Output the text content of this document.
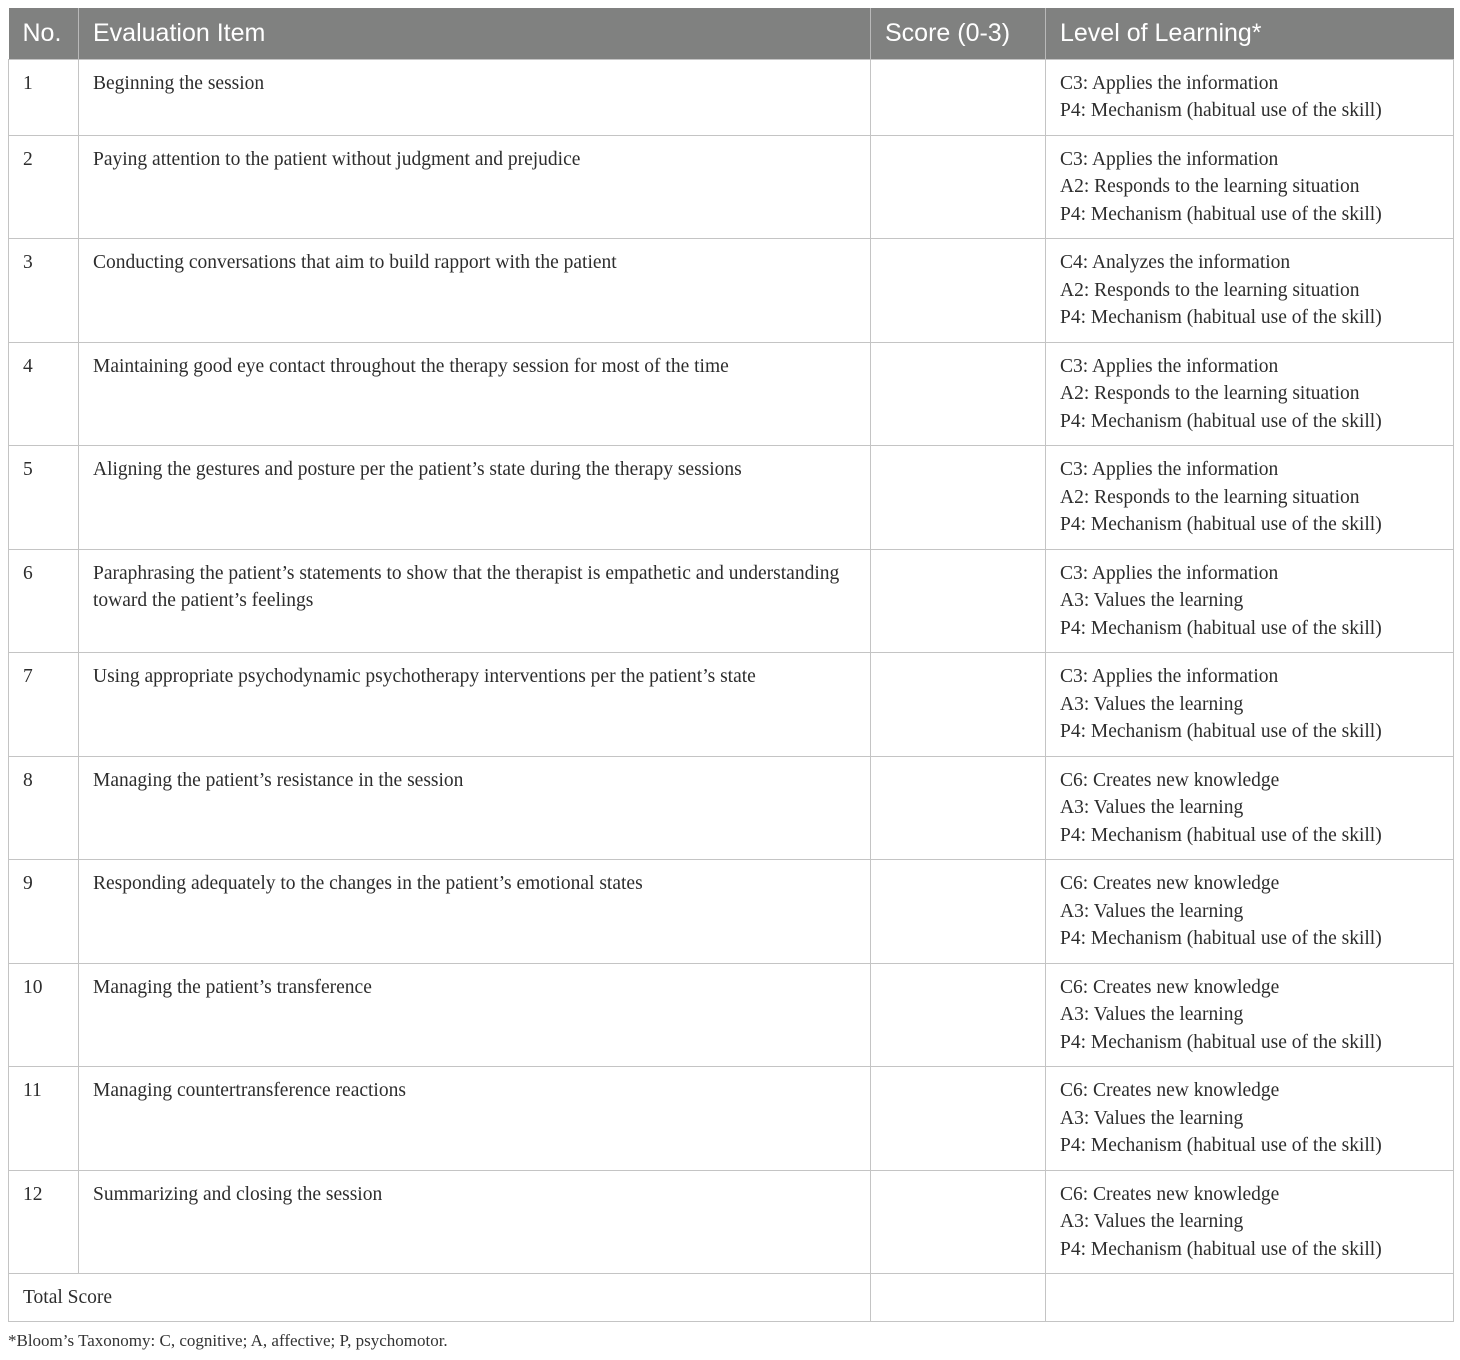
No.	Evaluation Item	Score (0-3)	Level of Learning*
1	Beginning the session		C3: Applies the information
P4: Mechanism (habitual use of the skill)

2	Paying attention to the patient without judgment and prejudice		C3: Applies the information
A2: Responds to the learning situation
P4: Mechanism (habitual use of the skill)

3	Conducting conversations that aim to build rapport with the patient		C4: Analyzes the information
A2: Responds to the learning situation
P4: Mechanism (habitual use of the skill)

4	Maintaining good eye contact throughout the therapy session for most of the time		C3: Applies the information
A2: Responds to the learning situation
P4: Mechanism (habitual use of the skill)

5	Aligning the gestures and posture per the patient’s state during the therapy sessions		C3: Applies the information
A2: Responds to the learning situation
P4: Mechanism (habitual use of the skill)

6	Paraphrasing the patient’s statements to show that the therapist is empathetic and understanding toward the patient’s feelings		C3: Applies the information
A3: Values the learning
P4: Mechanism (habitual use of the skill)

7	Using appropriate psychodynamic psychotherapy interventions per the patient’s state		C3: Applies the information
A3: Values the learning
P4: Mechanism (habitual use of the skill)

8	Managing the patient’s resistance in the session		C6: Creates new knowledge
A3: Values the learning
P4: Mechanism (habitual use of the skill)

9	Responding adequately to the changes in the patient’s emotional states		C6: Creates new knowledge
A3: Values the learning
P4: Mechanism (habitual use of the skill)

10	Managing the patient’s transference		C6: Creates new knowledge
A3: Values the learning
P4: Mechanism (habitual use of the skill)

11	Managing countertransference reactions		C6: Creates new knowledge
A3: Values the learning
P4: Mechanism (habitual use of the skill)

12	Summarizing and closing the session		C6: Creates new knowledge
A3: Values the learning
P4: Mechanism (habitual use of the skill)

Total Score			
*Bloom’s Taxonomy: C, cognitive; A, affective; P, psychomotor.
